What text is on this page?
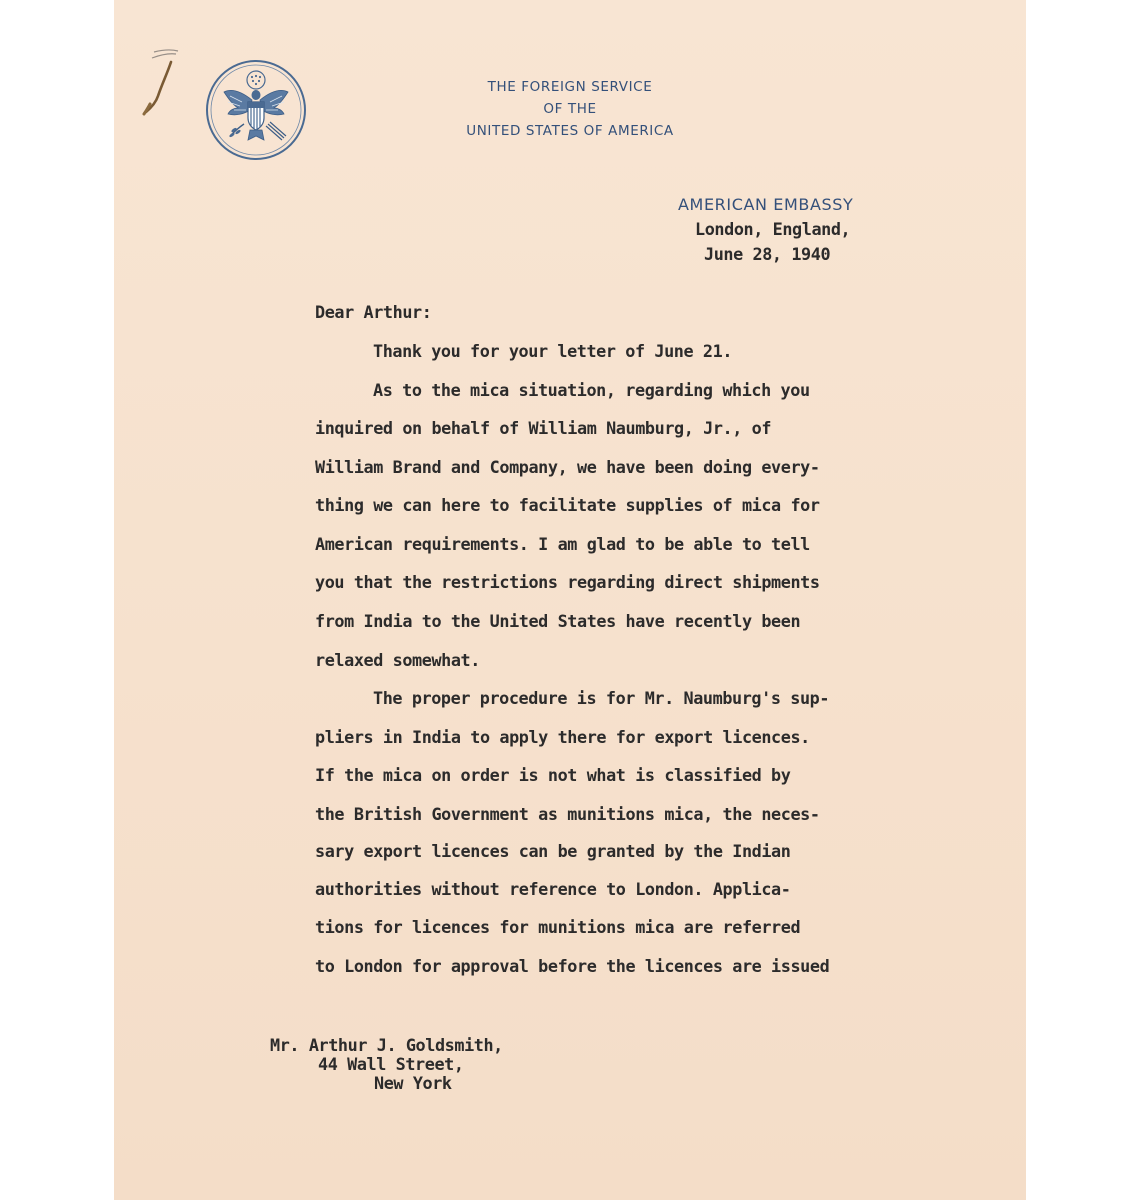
THE FOREIGN SERVICE
OF THE
UNITED STATES OF AMERICA
AMERICAN EMBASSY
London, England,
June 28, 1940
Dear Arthur:
Thank you for your letter of June 21.
As to the mica situation, regarding which you
inquired on behalf of William Naumburg, Jr., of
William Brand and Company, we have been doing every-
thing we can here to facilitate supplies of mica for
American requirements. I am glad to be able to tell
you that the restrictions regarding direct shipments
from India to the United States have recently been
relaxed somewhat.
The proper procedure is for Mr. Naumburg's sup-
pliers in India to apply there for export licences.
If the mica on order is not what is classified by
the British Government as munitions mica, the neces-
sary export licences can be granted by the Indian
authorities without reference to London. Applica-
tions for licences for munitions mica are referred
to London for approval before the licences are issued
Mr. Arthur J. Goldsmith,
44 Wall Street,
New York
